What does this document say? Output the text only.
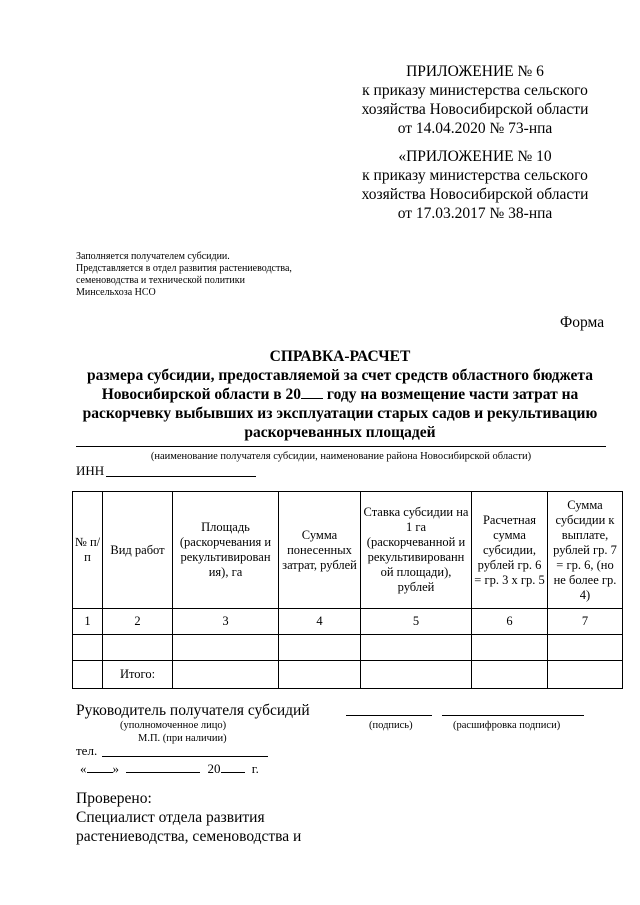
ПРИЛОЖЕНИЕ № 6
к приказу министерства сельского
хозяйства Новосибирской области
от 14.04.2020 № 73-нпа
«ПРИЛОЖЕНИЕ № 10
к приказу министерства сельского
хозяйства Новосибирской области
от 17.03.2017 № 38-нпа
Заполняется получателем субсидии.
Представляется в отдел развития растениеводства,
семеноводства и технической политики
Минсельхоза НСО
Форма
СПРАВКА-РАСЧЕТ
размера субсидии, предоставляемой за счет средств областного бюджета
Новосибирской области в 20 году на возмещение части затрат на
раскорчевку выбывших из эксплуатации старых садов и рекультивацию
раскорчеванных площадей
(наименование получателя субсидии, наименование района Новосибирской области)
ИНН
№ п/п	Вид работ	Площадь (раскорчевания и рекультивирован ия), га	Сумма понесенных затрат, рублей	Ставка субсидии на 1 га (раскорчеванной и рекультивированн ой площади), рублей	Расчетная сумма субсидии, рублей гр. 6 = гр. 3 х гр. 5	Сумма субсидии к выплате, рублей гр. 7 = гр. 6, (но не более гр. 4)
1	2	3	4	5	6	7

	Итого:					
Руководитель получателя субсидий
(уполномоченное лицо)	(подпись)	(расшифровка подписи)
М.П. (при наличии)
тел.
« »	20 г.
Проверено:
Специалист отдела развития
растениеводства, семеноводства и
